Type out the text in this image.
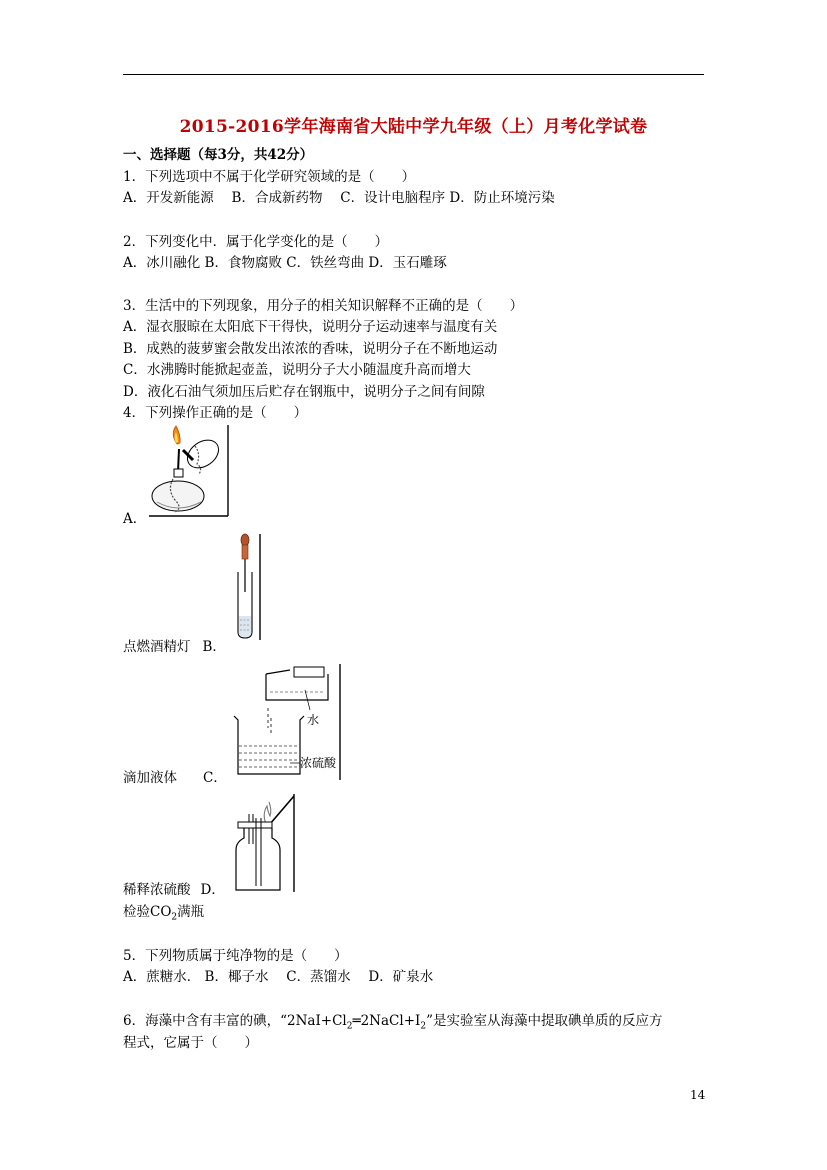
2015-2016学年海南省大陆中学九年级（上）月考化学试卷
一、选择题（每3分，共42分）
1．下列选项中不属于化学研究领域的是（　　）
A．开发新能源　 B．合成新药物　 C．设计电脑程序 D．防止环境污染
2．下列变化中．属于化学变化的是（　　）
A．冰川融化 B．食物腐败 C．铁丝弯曲 D．玉石雕琢
3．生活中的下列现象，用分子的相关知识解释不正确的是（　　）
A．湿衣服晾在太阳底下干得快，说明分子运动速率与温度有关
B．成熟的菠萝蜜会散发出浓浓的香味，说明分子在不断地运动
C．水沸腾时能掀起壶盖，说明分子大小随温度升高而增大
D．液化石油气须加压后贮存在钢瓶中，说明分子之间有间隙
4．下列操作正确的是（　　）
A．
点燃酒精灯 B．
水
浓硫酸
滴加液体 C．
稀释浓硫酸 D．
检验$CO_2$满瓶
5．下列物质属于纯净物的是（　　）
A．蔗糖水． B．椰子水　 C．蒸馏水　 D．矿泉水
6．海藻中含有丰富的碘，“$2NaI+Cl_2═2NaCl+I_2$”是实验室从海藻中提取碘单质的反应方
程式，它属于（　　）
14
